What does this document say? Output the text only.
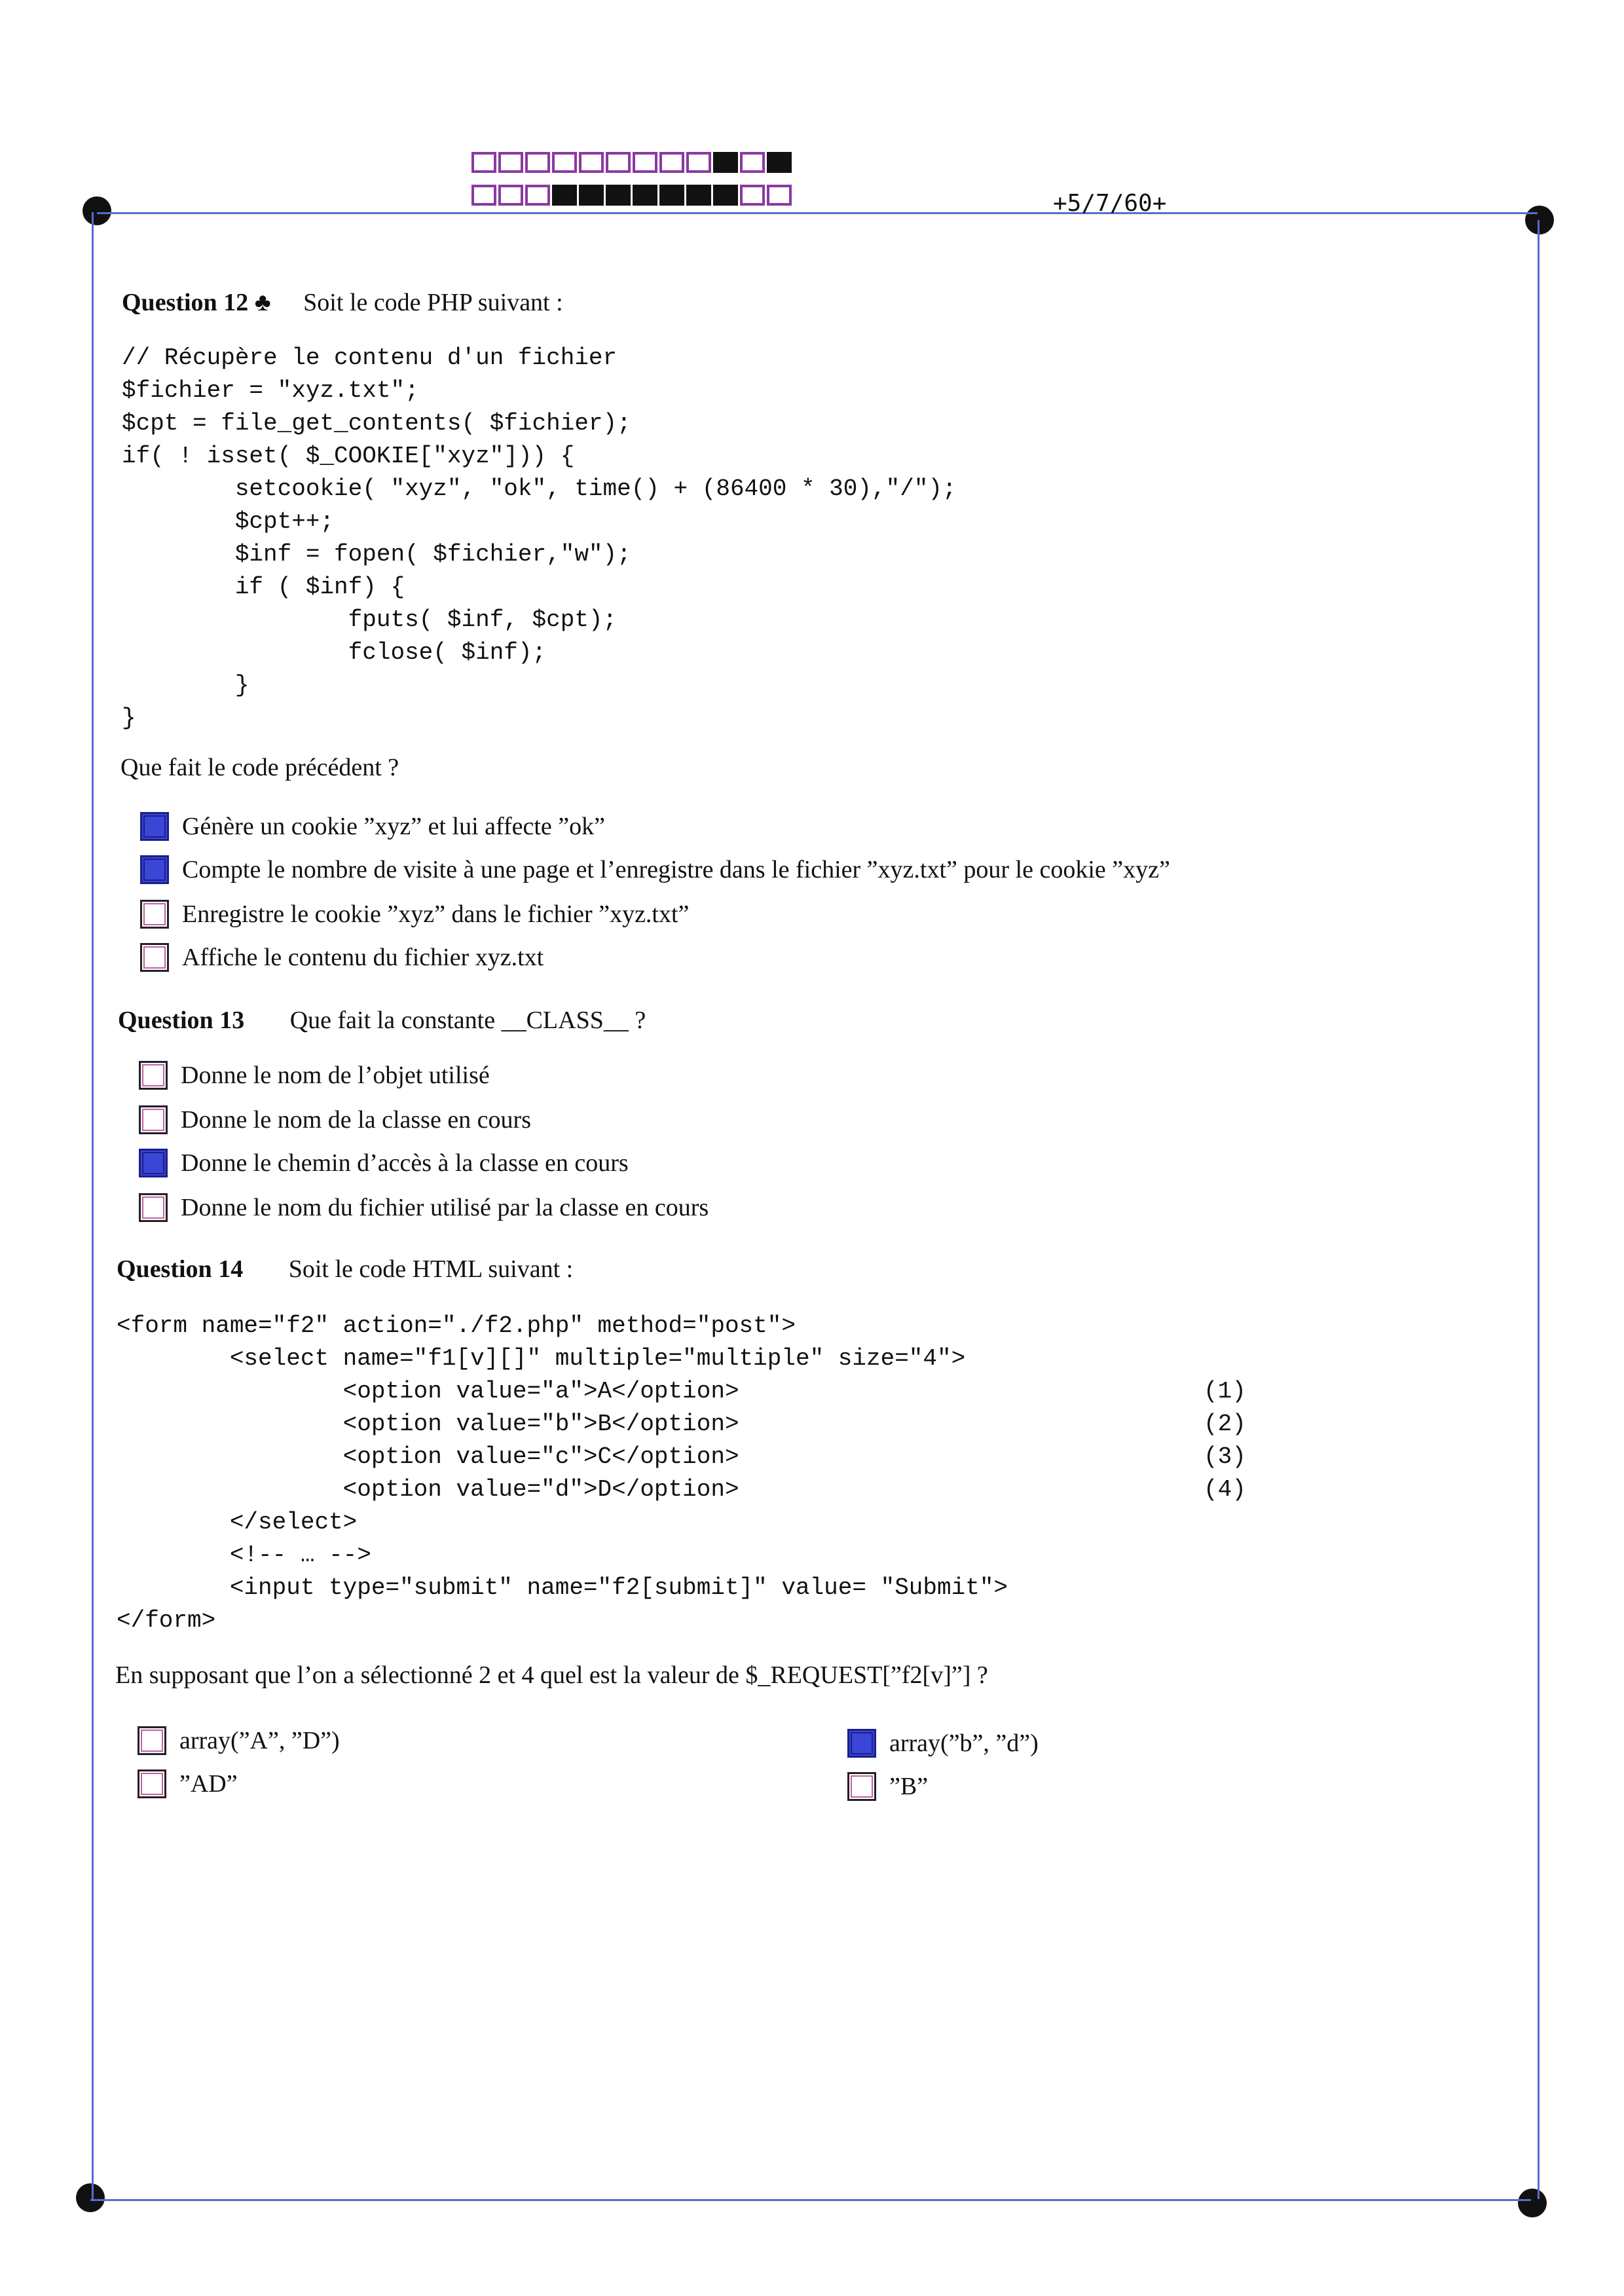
+5/7/60+
Question 12 ♣ Soit le code PHP suivant :
// Récupère le contenu d'un fichier
$fichier = "xyz.txt";
$cpt = file_get_contents( $fichier);
if( ! isset( $_COOKIE["xyz"])) {
setcookie( "xyz", "ok", time() + (86400 * 30),"/");
$cpt++;
$inf = fopen( $fichier,"w");
if ( $inf) {
fputs( $inf, $cpt);
fclose( $inf);
}
}
Que fait le code précédent ?
Génère un cookie ”xyz” et lui affecte ”ok”
Compte le nombre de visite à une page et l’enregistre dans le fichier ”xyz.txt” pour le cookie ”xyz”
Enregistre le cookie ”xyz” dans le fichier ”xyz.txt”
Affiche le contenu du fichier xyz.txt
Question 13 Que fait la constante __CLASS__ ?
Donne le nom de l’objet utilisé
Donne le nom de la classe en cours
Donne le chemin d’accès à la classe en cours
Donne le nom du fichier utilisé par la classe en cours
Question 14 Soit le code HTML suivant :
<form name="f2" action="./f2.php" method="post">
<select name="f1[v][]" multiple="multiple" size="4">
<option value="a">A</option>
<option value="b">B</option>
<option value="c">C</option>
<option value="d">D</option>
</select>
<!-- … -->
<input type="submit" name="f2[submit]" value= "Submit">
</form>
(1)
(2)
(3)
(4)
En supposant que l’on a sélectionné 2 et 4 quel est la valeur de $_REQUEST[”f2[v]”] ?
array(”A”, ”D”)	array(”b”, ”d”)
”AD”	”B”
